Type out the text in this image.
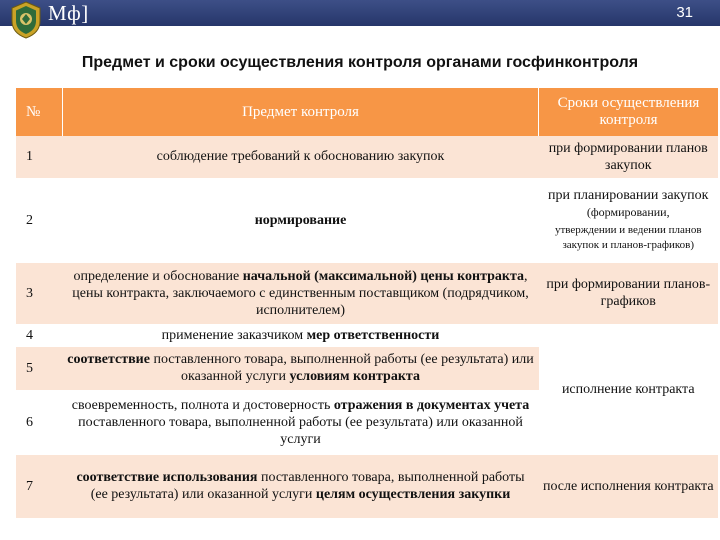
Мф]	31
Предмет и сроки осуществления контроля органами госфинконтроля
№	Предмет контроля	Сроки осуществления контроля
1	соблюдение требований к обоснованию закупок	при формировании планов закупок
2	нормирование	при планировании закупок (формировании,
утверждении и ведении планов закупок и планов-графиков)

3	определение и обоснование начальной (максимальной) цены контракта, цены контракта, заключаемого с единственным поставщиком (подрядчиком, исполнителем)	при формировании планов-графиков
4	применение заказчиком мер ответственности	исполнение контракта
5	соответствие поставленного товара, выполненной работы (ее результата) или оказанной услуги условиям контракта	
6	своевременность, полнота и достоверность отражения в документах учета поставленного товара, выполненной работы (ее результата) или оказанной услуги	
7	соответствие использования поставленного товара, выполненной работы (ее результата) или оказанной услуги целям осуществления закупки	после исполнения контракта
